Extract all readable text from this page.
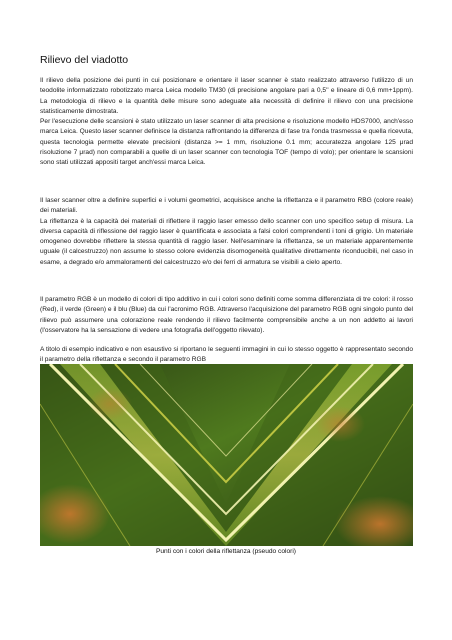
Rilievo del viadotto

Il rilievo della posizione dei punti in cui posizionare e orientare il laser scanner è stato realizzato attraverso l'utilizzo di un teodolite informatizzato robotizzato marca Leica modello TM30 (di precisione angolare pari a 0,5'' e lineare di 0,6 mm+1ppm). La metodologia di rilievo e la quantità delle misure sono adeguate alla necessità di definire il rilievo con una precisione statisticamente dimostrata.

Per l'esecuzione delle scansioni è stato utilizzato un laser scanner di alta precisione e risoluzione modello HDS7000, anch'esso marca Leica. Questo laser scanner definisce la distanza raffrontando la differenza di fase tra l'onda trasmessa e quella ricevuta, questa tecnologia permette elevate precisioni (distanza >= 1 mm, risoluzione 0.1 mm; accuratezza angolare 125 μrad risoluzione 7 μrad) non comparabili a quelle di un laser scanner con tecnologia TOF (tempo di volo); per orientare le scansioni sono stati utilizzati appositi target anch'essi marca Leica.

Il laser scanner oltre a definire superfici e i volumi geometrici, acquisisce anche la riflettanza e il parametro RBG (colore reale) dei materiali.

La riflettanza è la capacità dei materiali di riflettere il raggio laser emesso dello scanner con uno specifico setup di misura. La diversa capacità di riflessione del raggio laser è quantificata e associata a falsi colori comprendenti i toni di grigio. Un materiale omogeneo dovrebbe riflettere la stessa quantità di raggio laser. Nell'esaminare la riflettanza, se un materiale apparentemente uguale (il calcestruzzo) non assume lo stesso colore evidenzia disomogeneità qualitative direttamente riconducibili, nel caso in esame, a degrado e/o ammaloramenti del calcestruzzo e/o dei ferri di armatura se visibili a cielo aperto.

Il parametro RGB è un modello di colori di tipo additivo in cui i colori sono definiti come somma differenziata di tre colori: il rosso (Red), il verde (Green) e il blu (Blue) da cui l'acronimo RGB. Attraverso l'acquisizione del parametro RGB ogni singolo punto del rilievo può assumere una colorazione reale rendendo il rilievo facilmente comprensibile anche a un non addetto ai lavori (l'osservatore ha la sensazione di vedere una fotografia dell'oggetto rilevato).

A titolo di esempio indicativo e non esaustivo si riportano le seguenti immagini in cui lo stesso oggetto è rappresentato secondo il parametro della riflettanza e secondo il parametro RGB

Punti con i colori della riflettanza (pseudo colori)
